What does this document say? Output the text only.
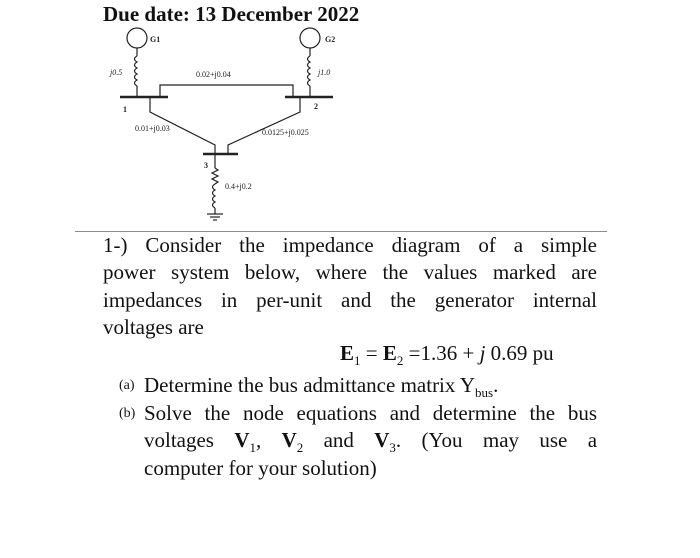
Due date: 13 December 2022
G1	G2
j0.5	j1.0
0.02+j0.04
0.01+j0.03	0.0125+j0.025
0.4+j0.2
1	2
3
1-) Consider the impedance diagram of a simple
power system below, where the values marked are
impedances in per-unit and the generator internal
voltages are
$E_1 = E_2 =1.36 + j$ 0.69 pu
(a) Determine the bus admittance matrix $Y_{bus}$.
(b) Solve the node equations and determine the bus
voltages $V_1$, $V_2$ and $V_3$. (You may use a
computer for your solution)
